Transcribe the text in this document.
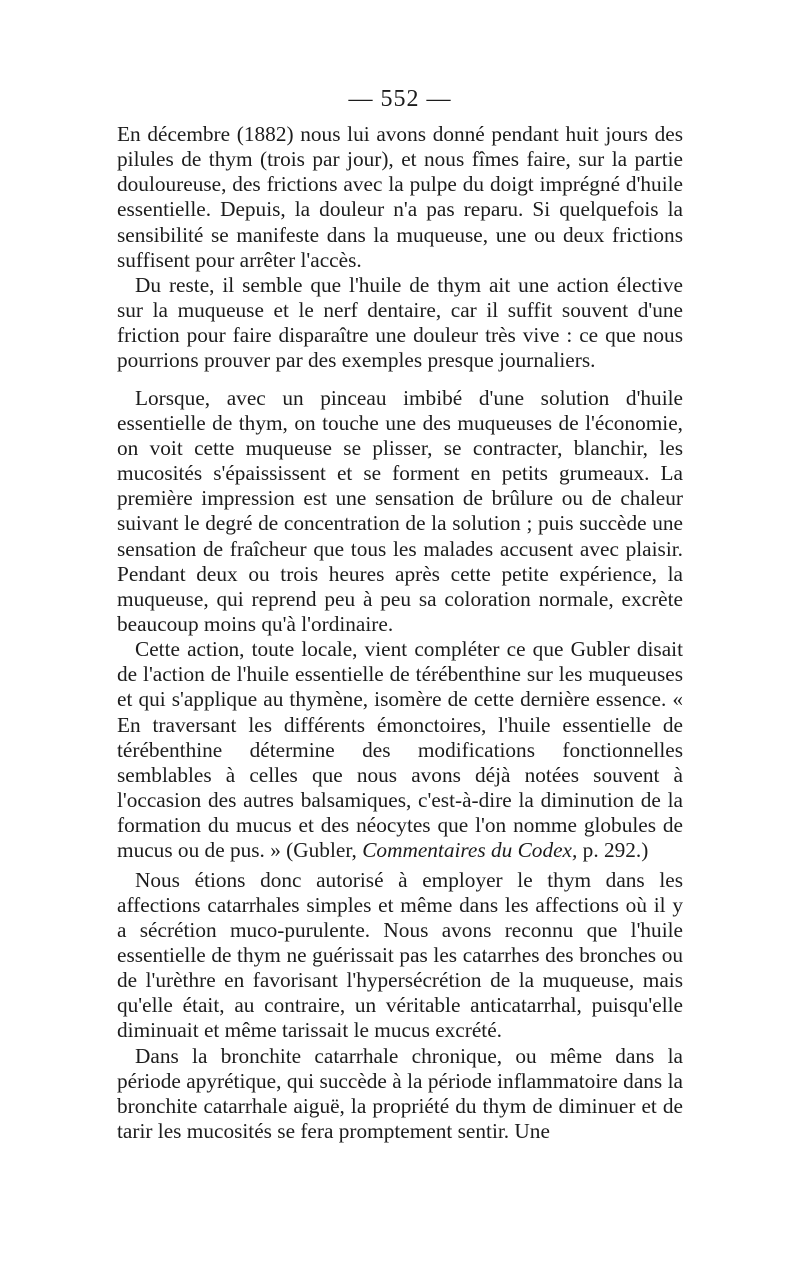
— 552 —

En décembre (1882) nous lui avons donné pendant huit jours des pilules de thym (trois par jour), et nous fîmes faire, sur la partie douloureuse, des frictions avec la pulpe du doigt imprégné d'huile essentielle. Depuis, la douleur n'a pas reparu. Si quelquefois la sensibilité se manifeste dans la muqueuse, une ou deux frictions suffisent pour arrêter l'accès.

Du reste, il semble que l'huile de thym ait une action élective sur la muqueuse et le nerf dentaire, car il suffit souvent d'une friction pour faire disparaître une douleur très vive : ce que nous pourrions prouver par des exemples presque journaliers.

Lorsque, avec un pinceau imbibé d'une solution d'huile essentielle de thym, on touche une des muqueuses de l'économie, on voit cette muqueuse se plisser, se contracter, blanchir, les mucosités s'épaississent et se forment en petits grumeaux. La première impression est une sensation de brûlure ou de chaleur suivant le degré de concentration de la solution ; puis succède une sensation de fraîcheur que tous les malades accusent avec plaisir. Pendant deux ou trois heures après cette petite expérience, la muqueuse, qui reprend peu à peu sa coloration normale, excrète beaucoup moins qu'à l'ordinaire.

Cette action, toute locale, vient compléter ce que Gubler disait de l'action de l'huile essentielle de térébenthine sur les muqueuses et qui s'applique au thymène, isomère de cette dernière essence. « En traversant les différents émonctoires, l'huile essentielle de térébenthine détermine des modifications fonctionnelles semblables à celles que nous avons déjà notées souvent à l'occasion des autres balsamiques, c'est-à-dire la diminution de la formation du mucus et des néocytes que l'on nomme globules de mucus ou de pus. » (Gubler, Commentaires du Codex, p. 292.)

Nous étions donc autorisé à employer le thym dans les affections catarrhales simples et même dans les affections où il y a sécrétion muco-purulente. Nous avons reconnu que l'huile essentielle de thym ne guérissait pas les catarrhes des bronches ou de l'urèthre en favorisant l'hypersécrétion de la muqueuse, mais qu'elle était, au contraire, un véritable anticatarrhal, puisqu'elle diminuait et même tarissait le mucus excrété.

Dans la bronchite catarrhale chronique, ou même dans la période apyrétique, qui succède à la période inflammatoire dans la bronchite catarrhale aiguë, la propriété du thym de diminuer et de tarir les mucosités se fera promptement sentir. Une
